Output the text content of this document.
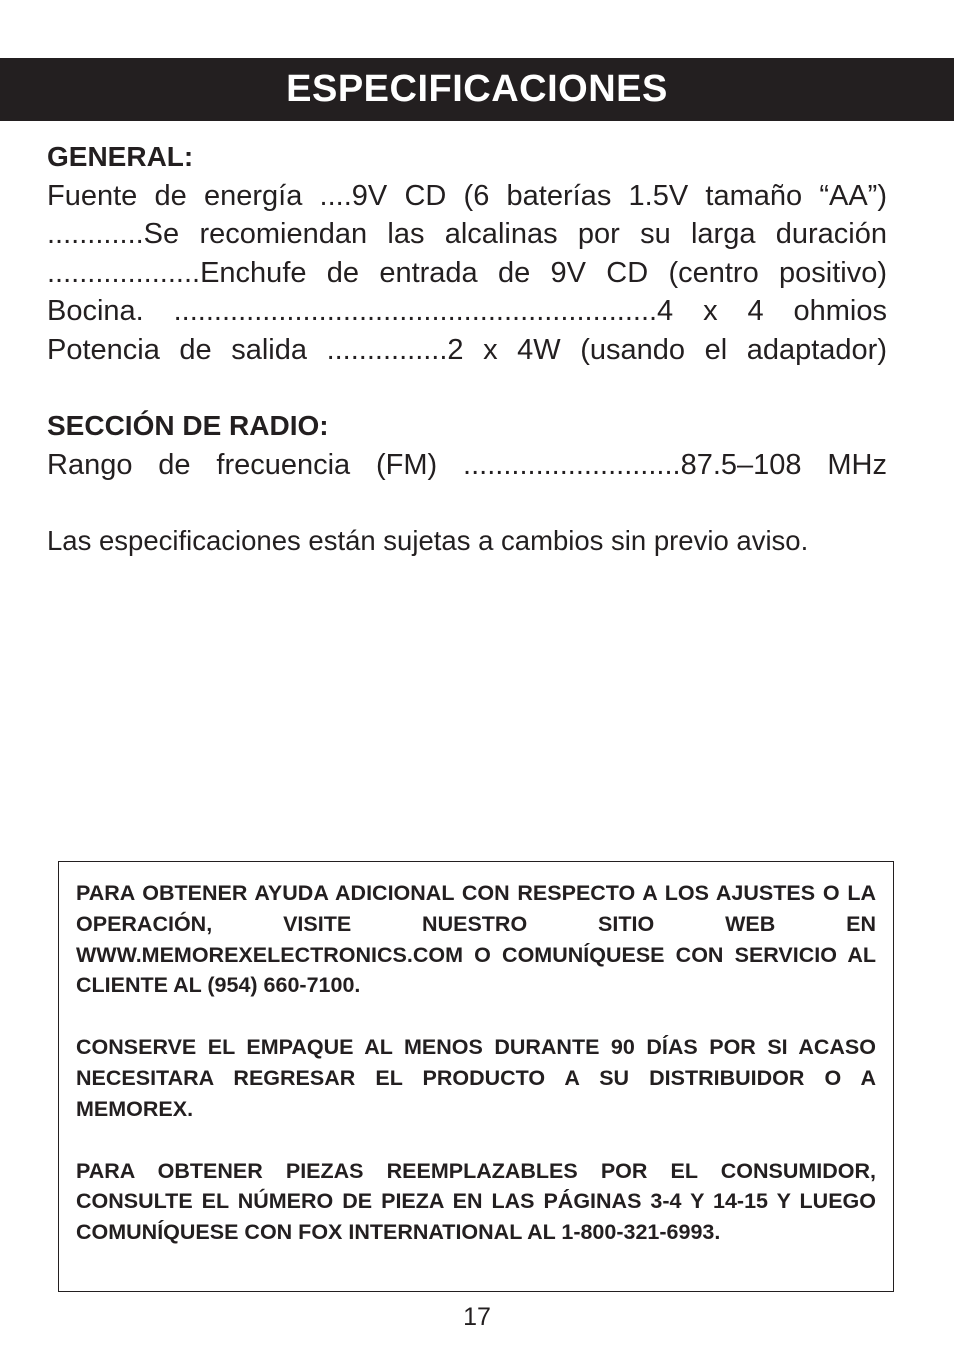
ESPECIFICACIONES
GENERAL:
Fuente de energía ....9V CD (6 baterías 1.5V tamaño “AA”)
............Se recomiendan las alcalinas por su larga duración
...................Enchufe de entrada de 9V CD (centro positivo)
Bocina. ............................................................4 x 4 ohmios
Potencia de salida ...............2 x 4W (usando el adaptador)
SECCIÓN DE RADIO:
Rango de frecuencia (FM) ...........................87.5–108 MHz
Las especificaciones están sujetas a cambios sin previo aviso.

PARA OBTENER AYUDA ADICIONAL CON RESPECTO A LOS AJUSTES O LA OPERACIÓN, VISITE NUESTRO SITIO WEB EN WWW.MEMOREXELECTRONICS.COM O COMUNÍQUESE CON SERVICIO AL CLIENTE AL (954) 660-7100.

CONSERVE EL EMPAQUE AL MENOS DURANTE 90 DÍAS POR SI ACASO NECESITARA REGRESAR EL PRODUCTO A SU DISTRIBUIDOR O A MEMOREX.

PARA OBTENER PIEZAS REEMPLAZABLES POR EL CONSUMIDOR, CONSULTE EL NÚMERO DE PIEZA EN LAS PÁGINAS 3-4 Y 14-15 Y LUEGO COMUNÍQUESE CON FOX INTERNATIONAL AL 1-800-321-6993.

17
